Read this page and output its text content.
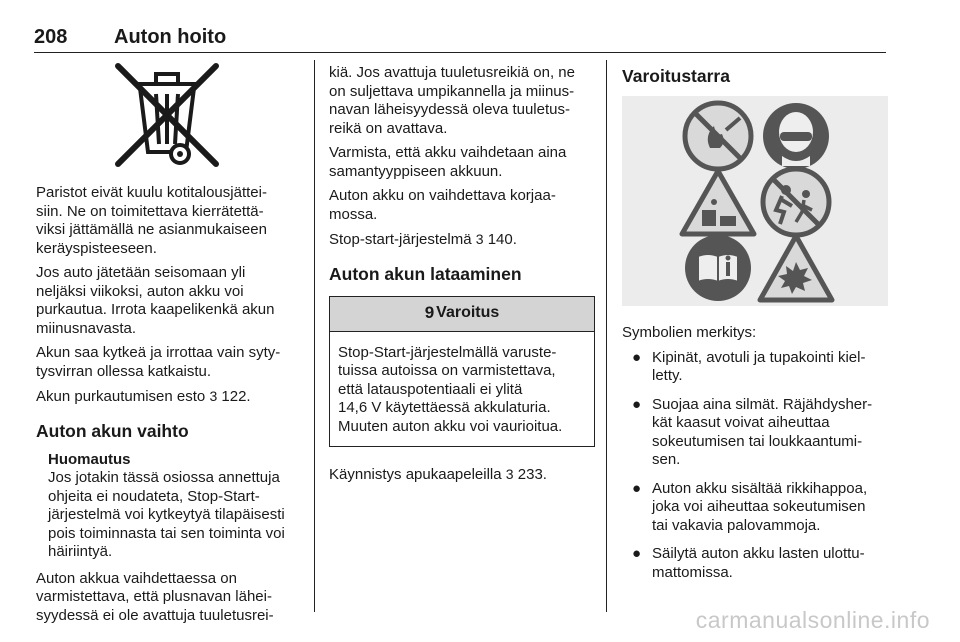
208 Auton hoito

Paristot eivät kuulu kotitalousjättei-
siin. Ne on toimitettava kierrätettä-
viksi jättämällä ne asianmukaiseen
keräyspisteeseen.

Jos auto jätetään seisomaan yli
neljäksi viikoksi, auton akku voi
purkautua. Irrota kaapelikenkä akun
miinusnavasta.

Akun saa kytkeä ja irrottaa vain syty-
tysvirran ollessa katkaistu.

Akun purkautumisen esto 3 122.

Auton akun vaihto
Huomautus
Jos jotakin tässä osiossa annettuja
ohjeita ei noudateta, Stop-Start-
järjestelmä voi kytkeytyä tilapäisesti
pois toiminnasta tai sen toiminta voi
häiriintyä.

Auton akkua vaihdettaessa on
varmistettava, että plusnavan lähei-
syydessä ei ole avattuja tuuletusrei-

kiä. Jos avattuja tuuletusreikiä on, ne
on suljettava umpikannella ja miinus-
navan läheisyydessä oleva tuuletus-
reikä on avattava.

Varmista, että akku vaihdetaan aina
samantyyppiseen akkuun.

Auton akku on vaihdettava korjaa-
mossa.

Stop-start-järjestelmä 3 140.

Auton akun lataaminen
9 Varoitus
Stop-Start-järjestelmällä varuste-
tuissa autoissa on varmistettava,
että latauspotentiaali ei ylitä
14,6 V käytettäessä akkulaturia.
Muuten auton akku voi vaurioitua.

Käynnistys apukaapeleilla 3 233.

Varoitustarra

Symbolien merkitys:

● Kipinät, avotuli ja tupakointi kiel-
letty.
● Suojaa aina silmät. Räjähdysher-
kät kaasut voivat aiheuttaa
sokeutumisen tai loukkaantumi-
sen.
● Auton akku sisältää rikkihappoa,
joka voi aiheuttaa sokeutumisen
tai vakavia palovammoja.
● Säilytä auton akku lasten ulottu-
mattomissa.
carmanualsonline.info
